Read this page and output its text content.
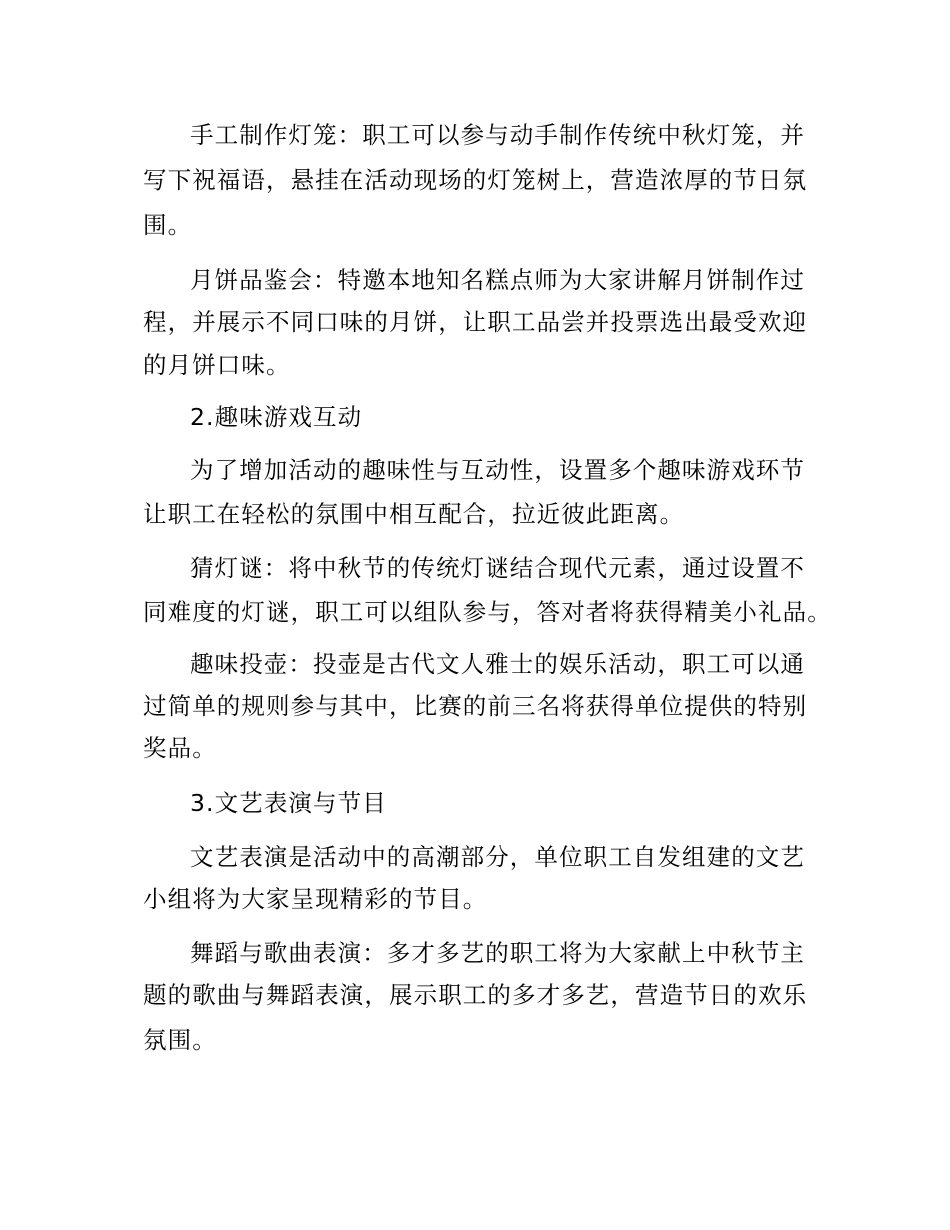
手工制作灯笼：职工可以参与动手制作传统中秋灯笼，并
写下祝福语，悬挂在活动现场的灯笼树上，营造浓厚的节日氛
围。
月饼品鉴会：特邀本地知名糕点师为大家讲解月饼制作过
程，并展示不同口味的月饼，让职工品尝并投票选出最受欢迎
的月饼口味。
2.趣味游戏互动
为了增加活动的趣味性与互动性，设置多个趣味游戏环节
让职工在轻松的氛围中相互配合，拉近彼此距离。
猜灯谜：将中秋节的传统灯谜结合现代元素，通过设置不
同难度的灯谜，职工可以组队参与，答对者将获得精美小礼品。
趣味投壶：投壶是古代文人雅士的娱乐活动，职工可以通
过简单的规则参与其中，比赛的前三名将获得单位提供的特别
奖品。
3.文艺表演与节目
文艺表演是活动中的高潮部分，单位职工自发组建的文艺
小组将为大家呈现精彩的节目。
舞蹈与歌曲表演：多才多艺的职工将为大家献上中秋节主
题的歌曲与舞蹈表演，展示职工的多才多艺，营造节日的欢乐
氛围。
